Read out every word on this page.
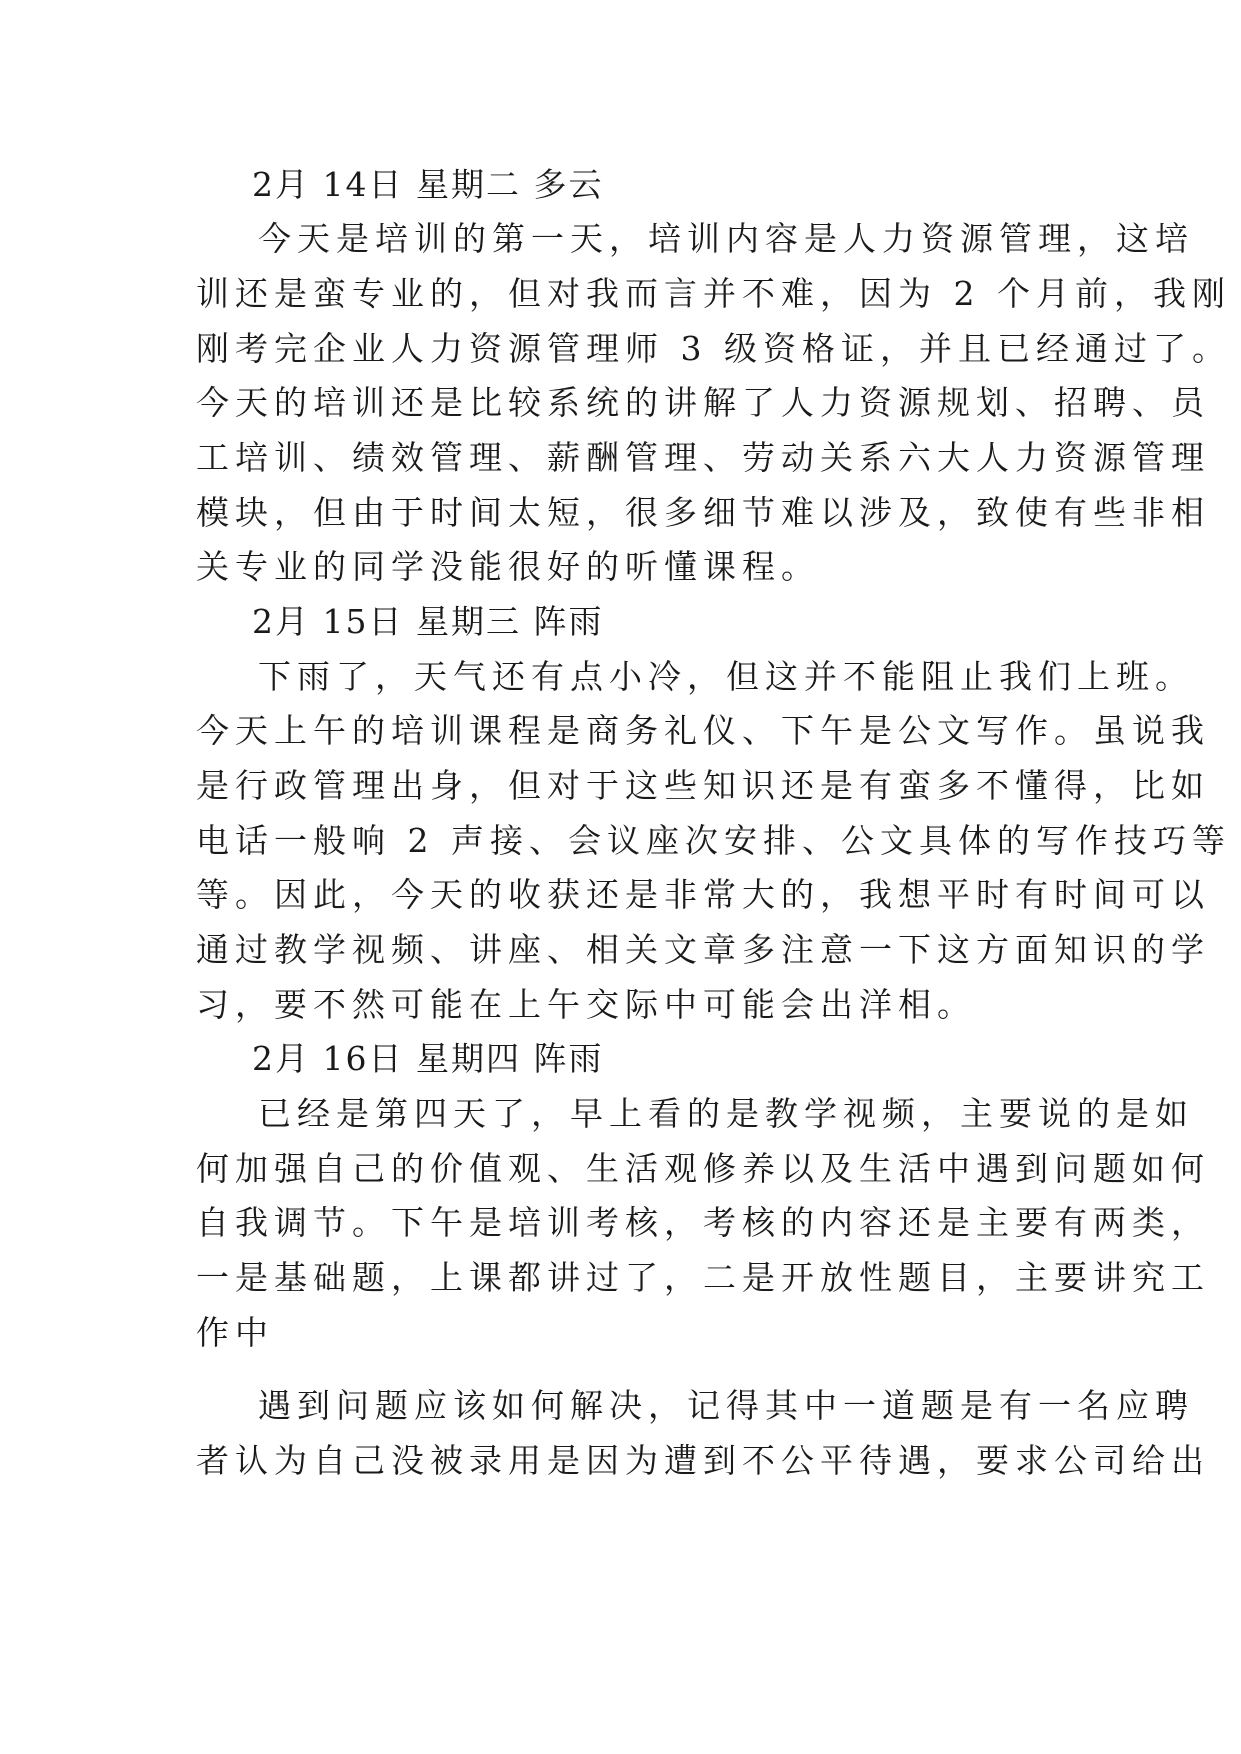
2月 14日 星期二 多云

今天是培训的第一天，培训内容是人力资源管理，这培

训还是蛮专业的，但对我而言并不难，因为 2 个月前，我刚

刚考完企业人力资源管理师 3 级资格证，并且已经通过了。

今天的培训还是比较系统的讲解了人力资源规划、招聘、员

工培训、绩效管理、薪酬管理、劳动关系六大人力资源管理

模块，但由于时间太短，很多细节难以涉及，致使有些非相

关专业的同学没能很好的听懂课程。

2月 15日 星期三 阵雨

下雨了，天气还有点小冷，但这并不能阻止我们上班。

今天上午的培训课程是商务礼仪、下午是公文写作。虽说我

是行政管理出身，但对于这些知识还是有蛮多不懂得，比如

电话一般响 2 声接、会议座次安排、公文具体的写作技巧等

等。因此，今天的收获还是非常大的，我想平时有时间可以

通过教学视频、讲座、相关文章多注意一下这方面知识的学

习，要不然可能在上午交际中可能会出洋相。

2月 16日 星期四 阵雨

已经是第四天了，早上看的是教学视频，主要说的是如

何加强自己的价值观、生活观修养以及生活中遇到问题如何

自我调节。下午是培训考核，考核的内容还是主要有两类，

一是基础题，上课都讲过了，二是开放性题目，主要讲究工

作中

遇到问题应该如何解决，记得其中一道题是有一名应聘

者认为自己没被录用是因为遭到不公平待遇，要求公司给出
